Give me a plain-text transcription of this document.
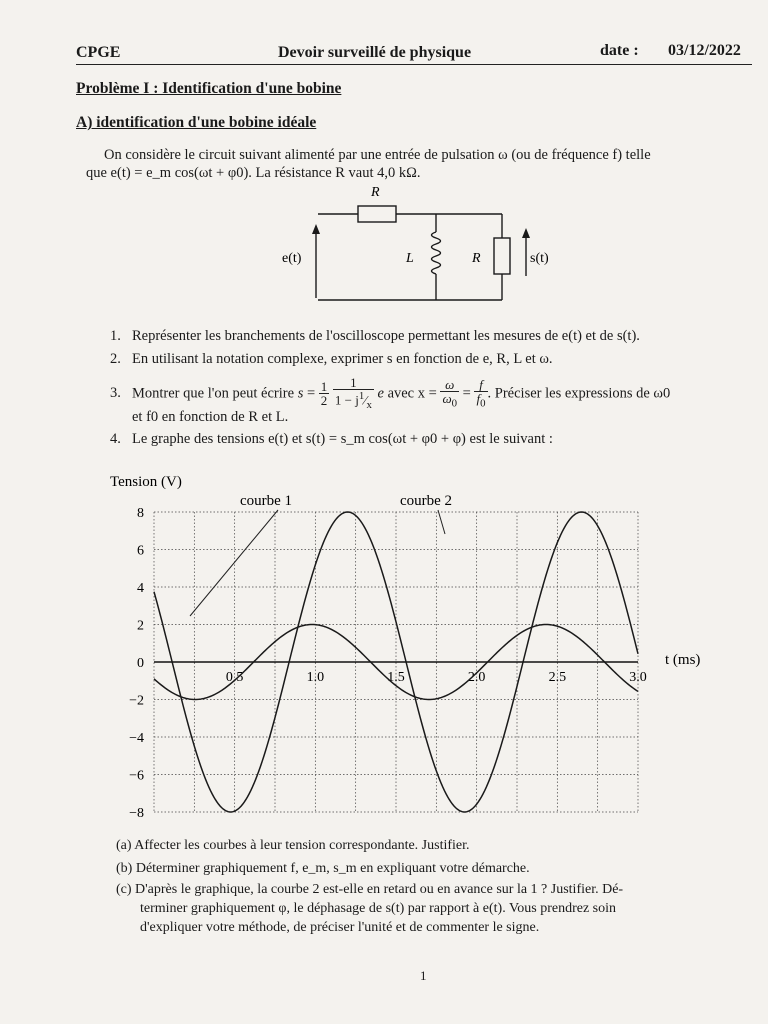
CPGE	Devoir surveillé de physique	date : 03/12/2022
Problème I : Identification d'une bobine
A) identification d'une bobine idéale
On considère le circuit suivant alimenté par une entrée de pulsation ω (ou de fréquence f) telle
que e(t) = e_m cos(ωt + φ0). La résistance R vaut 4,0 kΩ.
R
e(t)	L	R	s(t)
1. Représenter les branchements de l'oscilloscope permettant les mesures de e(t) et de s(t).
2. En utilisant la notation complexe, exprimer s en fonction de e, R, L et ω.
3. Montrer que l'on peut écrire $s = \frac{1}{2}$
$\frac{1}{1 - j^1⁄_x}$ e avec $x = \frac{\omega}{\omega_0} = \frac{f}{f_0}$ . Préciser les expressions de ω0
et f0 en fonction de R et L.
4. Le graphe des tensions e(t) et s(t) = s_m cos(ωt + φ0 + φ) est le suivant :
Tension (V)
t (ms)
8
6
4
2
0
−2
−4
−6
−8
0.5	1.0	1.5	2.0	2.5	3.0
courbe 1	courbe 2
(a) Affecter les courbes à leur tension correspondante. Justifier.
(b) Déterminer graphiquement f, e_m, s_m en expliquant votre démarche.
(c) D'après le graphique, la courbe 2 est-elle en retard ou en avance sur la 1 ? Justifier. Dé-
terminer graphiquement φ, le déphasage de s(t) par rapport à e(t). Vous prendrez soin
d'expliquer votre méthode, de préciser l'unité et de commenter le signe.
1
